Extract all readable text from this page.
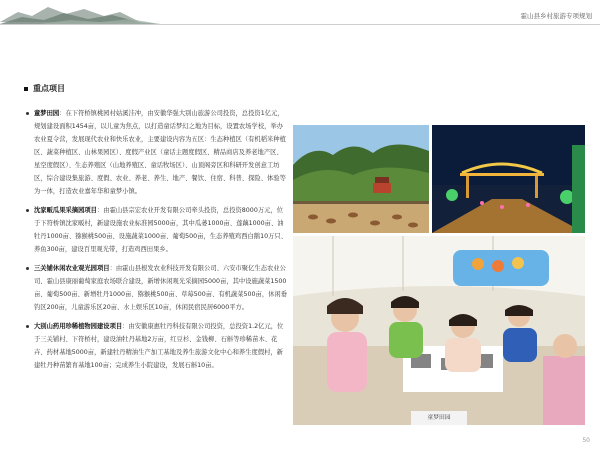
霍山县乡村旅游专项规划
重点项目
童梦田园：在下符桥镇桃园村姑溪洼冲，由安徽华强大别山旅游公司投资，总投资1亿元，规划建设面积1454亩，以儿童为焦点，以打造童话梦幻之地为目标，设置农场学校，举办农业夏令营，发展现代农业和快乐农业，主要建设内容为五区：生态种植区（有机稻米种植区、蔬菜种植区、山林果园区）、度假产业区（童话主题度假区、精品商店及养老地产区、星空度假区）、生态养殖区（山地养殖区、童话牧场区）、山顶阁旁区和科研开发创意工坊区，综合建设集旅游、度假、农业、养老、养生、地产、餐饮、住宿、科普、探险、体验等为一体，打造农业嘉年华和童梦小镇。
沈家畈瓜果采摘园项目：由霍山县宗宏农业开发有限公司牵头投资，总投资8000万元，位于下符桥镇沈家畈村，新建设施农业标准园5000亩，其中瓜蒌1000亩、莲藕1000亩、油牡丹1000亩、猕猴桃500亩、设施蔬菜1000亩、葡萄500亩，生态养殖鸡西白鹅10万只、养鱼300亩，建设百里观光带，打造鸡西田果乡。
三关铺休闲农业观光园项目：由霍山县根发农业科技开发有限公司、六安市聚亿生态农业公司、霍山县康丽葡萄家庭农场联合建设，新增休闲观光采摘园5000亩，其中设施蔬菜1500亩、葡萄500亩、新增牡丹1000亩、猕猴桃500亩、草莓500亩、有机蔬菜500亩，休闲垂钓区200亩，儿童游乐区20亩、水上娱乐区10亩，休闲民宿民居6000平方。
大别山药用珍稀植物园建设项目：由安徽康惠牡丹科技有限公司投资，总投资1.2亿元，位于三关铺村、下符桥村，建设油牡丹基地2万亩，红豆杉、金钱柳、石斛等珍稀苗木、花卉、药材基地5000亩，新建牡丹精油生产加工基地及养生旅游文化中心和养生度假村，新建牡丹种苗繁育基地100亩；完成养生小院建设，发展石斛10亩。
童梦田园
50
